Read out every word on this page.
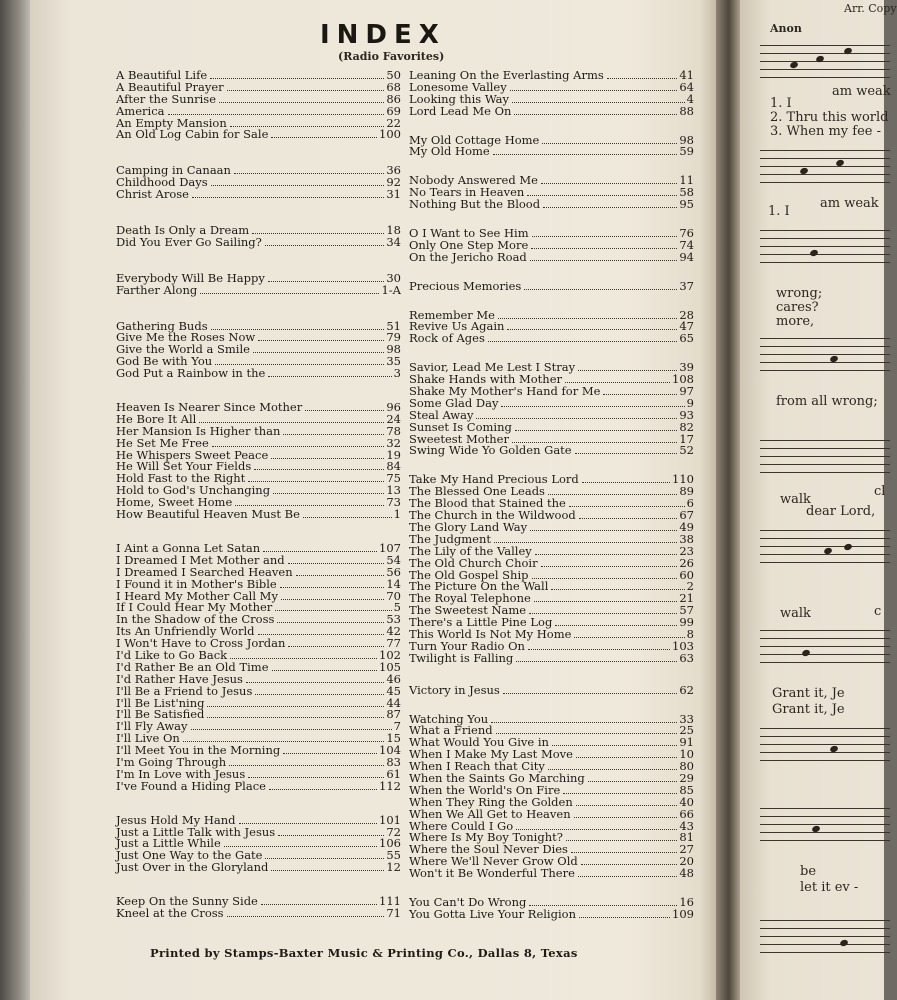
INDEX
(Radio Favorites)
A Beautiful Life	50
A Beautiful Prayer	68
After the Sunrise	86
America	69
An Empty Mansion	22
An Old Log Cabin for Sale	100
Camping in Canaan	36
Childhood Days	92
Christ Arose	31
Death Is Only a Dream	18
Did You Ever Go Sailing?	34
Everybody Will Be Happy	30
Farther Along	1-A
Gathering Buds	51
Give Me the Roses Now	79
Give the World a Smile	98
God Be with You	35
God Put a Rainbow in the	3
Heaven Is Nearer Since Mother	96
He Bore It All	24
Her Mansion Is Higher than	78
He Set Me Free	32
He Whispers Sweet Peace	19
He Will Set Your Fields	84
Hold Fast to the Right	75
Hold to God's Unchanging	13
Home, Sweet Home	73
How Beautiful Heaven Must Be	1
I Aint a Gonna Let Satan	107
I Dreamed I Met Mother and	54
I Dreamed I Searched Heaven	56
I Found it in Mother's Bible	14
I Heard My Mother Call My	70
If I Could Hear My Mother	5
In the Shadow of the Cross	53
Its An Unfriendly World	42
I Won't Have to Cross Jordan	77
I'd Like to Go Back	102
I'd Rather Be an Old Time	105
I'd Rather Have Jesus	46
I'll Be a Friend to Jesus	45
I'll Be List'ning	44
I'll Be Satisfied	87
I'll Fly Away	7
I'll Live On	15
I'll Meet You in the Morning	104
I'm Going Through	83
I'm In Love with Jesus	61
I've Found a Hiding Place	112
Jesus Hold My Hand	101
Just a Little Talk with Jesus	72
Just a Little While	106
Just One Way to the Gate	55
Just Over in the Gloryland	12
Keep On the Sunny Side	111
Kneel at the Cross	71
Leaning On the Everlasting Arms	41
Lonesome Valley	64
Looking this Way	4
Lord Lead Me On	88
My Old Cottage Home	98
My Old Home	59
Nobody Answered Me	11
No Tears in Heaven	58
Nothing But the Blood	95
O I Want to See Him	76
Only One Step More	74
On the Jericho Road	94
Precious Memories	37
Remember Me	28
Revive Us Again	47
Rock of Ages	65
Savior, Lead Me Lest I Stray	39
Shake Hands with Mother	108
Shake My Mother's Hand for Me	97
Some Glad Day	9
Steal Away	93
Sunset Is Coming	82
Sweetest Mother	17
Swing Wide Yo Golden Gate	52
Take My Hand Precious Lord	110
The Blessed One Leads	89
The Blood that Stained the	6
The Church in the Wildwood	67
The Glory Land Way	49
The Judgment	38
The Lily of the Valley	23
The Old Church Choir	26
The Old Gospel Ship	60
The Picture On the Wall	2
The Royal Telephone	21
The Sweetest Name	57
There's a Little Pine Log	99
This World Is Not My Home	8
Turn Your Radio On	103
Twilight is Falling	63
Victory in Jesus	62
Watching You	33
What a Friend	25
What Would You Give in	91
When I Make My Last Move	10
When I Reach that City	80
When the Saints Go Marching	29
When the World's On Fire	85
When They Ring the Golden	40
When We All Get to Heaven	66
Where Could I Go	43
Where Is My Boy Tonight?	81
Where the Soul Never Dies	27
Where We'll Never Grow Old	20
Won't it Be Wonderful There	48
You Can't Do Wrong	16
You Gotta Live Your Religion	109
Printed by Stamps-Baxter Music & Printing Co., Dallas 8, Texas
Arr. Copy
Anon
1. I
am weak
2. Thru this world
3. When my fee -
1. I
am weak
wrong;
cares?
more,
from all wrong;
walk
dear Lord,
cl
walk	c
Grant it, Je
Grant it, Je
be
let it ev -
